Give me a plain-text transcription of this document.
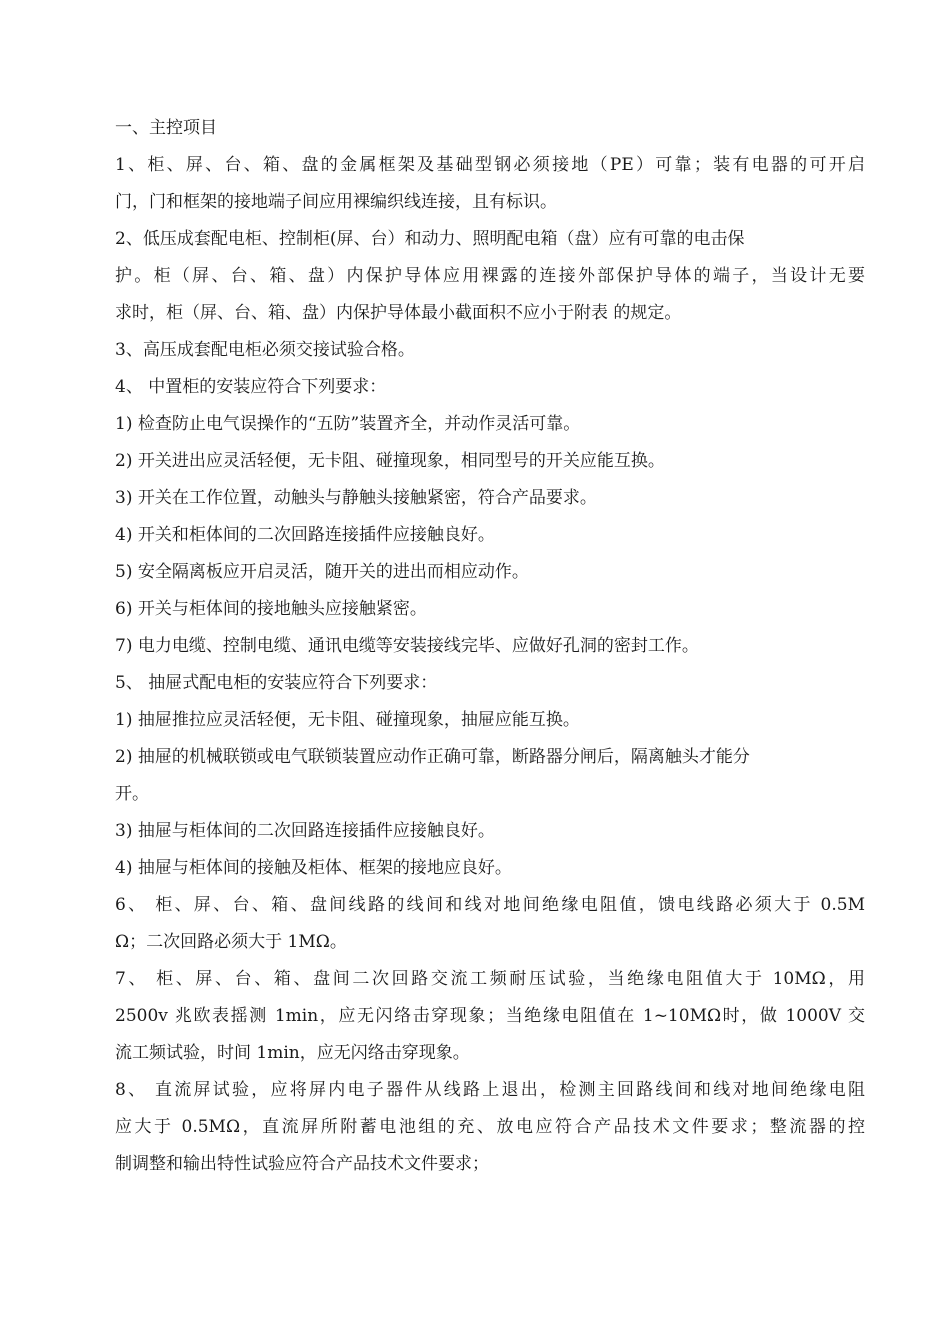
一、主控项目
1、柜、屏、台、箱、盘的金属框架及基础型钢必须接地（PE）可靠；装有电器的可开启
门，门和框架的接地端子间应用裸编织线连接，且有标识。
2、低压成套配电柜、控制柜(屏、台）和动力、照明配电箱（盘）应有可靠的电击保
护。柜（屏、台、箱、盘）内保护导体应用裸露的连接外部保护导体的端子，当设计无要
求时，柜（屏、台、箱、盘）内保护导体最小截面积不应小于附表 的规定。
3、高压成套配电柜必须交接试验合格。
4、 中置柜的安装应符合下列要求：
1) 检查防止电气误操作的“五防”装置齐全，并动作灵活可靠。
2) 开关进出应灵活轻便，无卡阻、碰撞现象，相同型号的开关应能互换。
3) 开关在工作位置，动触头与静触头接触紧密，符合产品要求。
4) 开关和柜体间的二次回路连接插件应接触良好。
5) 安全隔离板应开启灵活，随开关的进出而相应动作。
6) 开关与柜体间的接地触头应接触紧密。
7) 电力电缆、控制电缆、通讯电缆等安装接线完毕、应做好孔洞的密封工作。
5、 抽屉式配电柜的安装应符合下列要求：
1) 抽屉推拉应灵活轻便，无卡阻、碰撞现象，抽屉应能互换。
2) 抽屉的机械联锁或电气联锁装置应动作正确可靠，断路器分闸后，隔离触头才能分
开。
3) 抽屉与柜体间的二次回路连接插件应接触良好。
4) 抽屉与柜体间的接触及柜体、框架的接地应良好。
6、 柜、屏、台、箱、盘间线路的线间和线对地间绝缘电阻值，馈电线路必须大于 0.5M
Ω；二次回路必须大于 1MΩ。
7、 柜、屏、台、箱、盘间二次回路交流工频耐压试验，当绝缘电阻值大于 10MΩ，用
2500v 兆欧表摇测 1min，应无闪络击穿现象；当绝缘电阻值在 1~10MΩ时，做 1000V 交
流工频试验，时间 1min，应无闪络击穿现象。
8、 直流屏试验，应将屏内电子器件从线路上退出，检测主回路线间和线对地间绝缘电阻
应大于 0.5MΩ，直流屏所附蓄电池组的充、放电应符合产品技术文件要求；整流器的控
制调整和输出特性试验应符合产品技术文件要求；
